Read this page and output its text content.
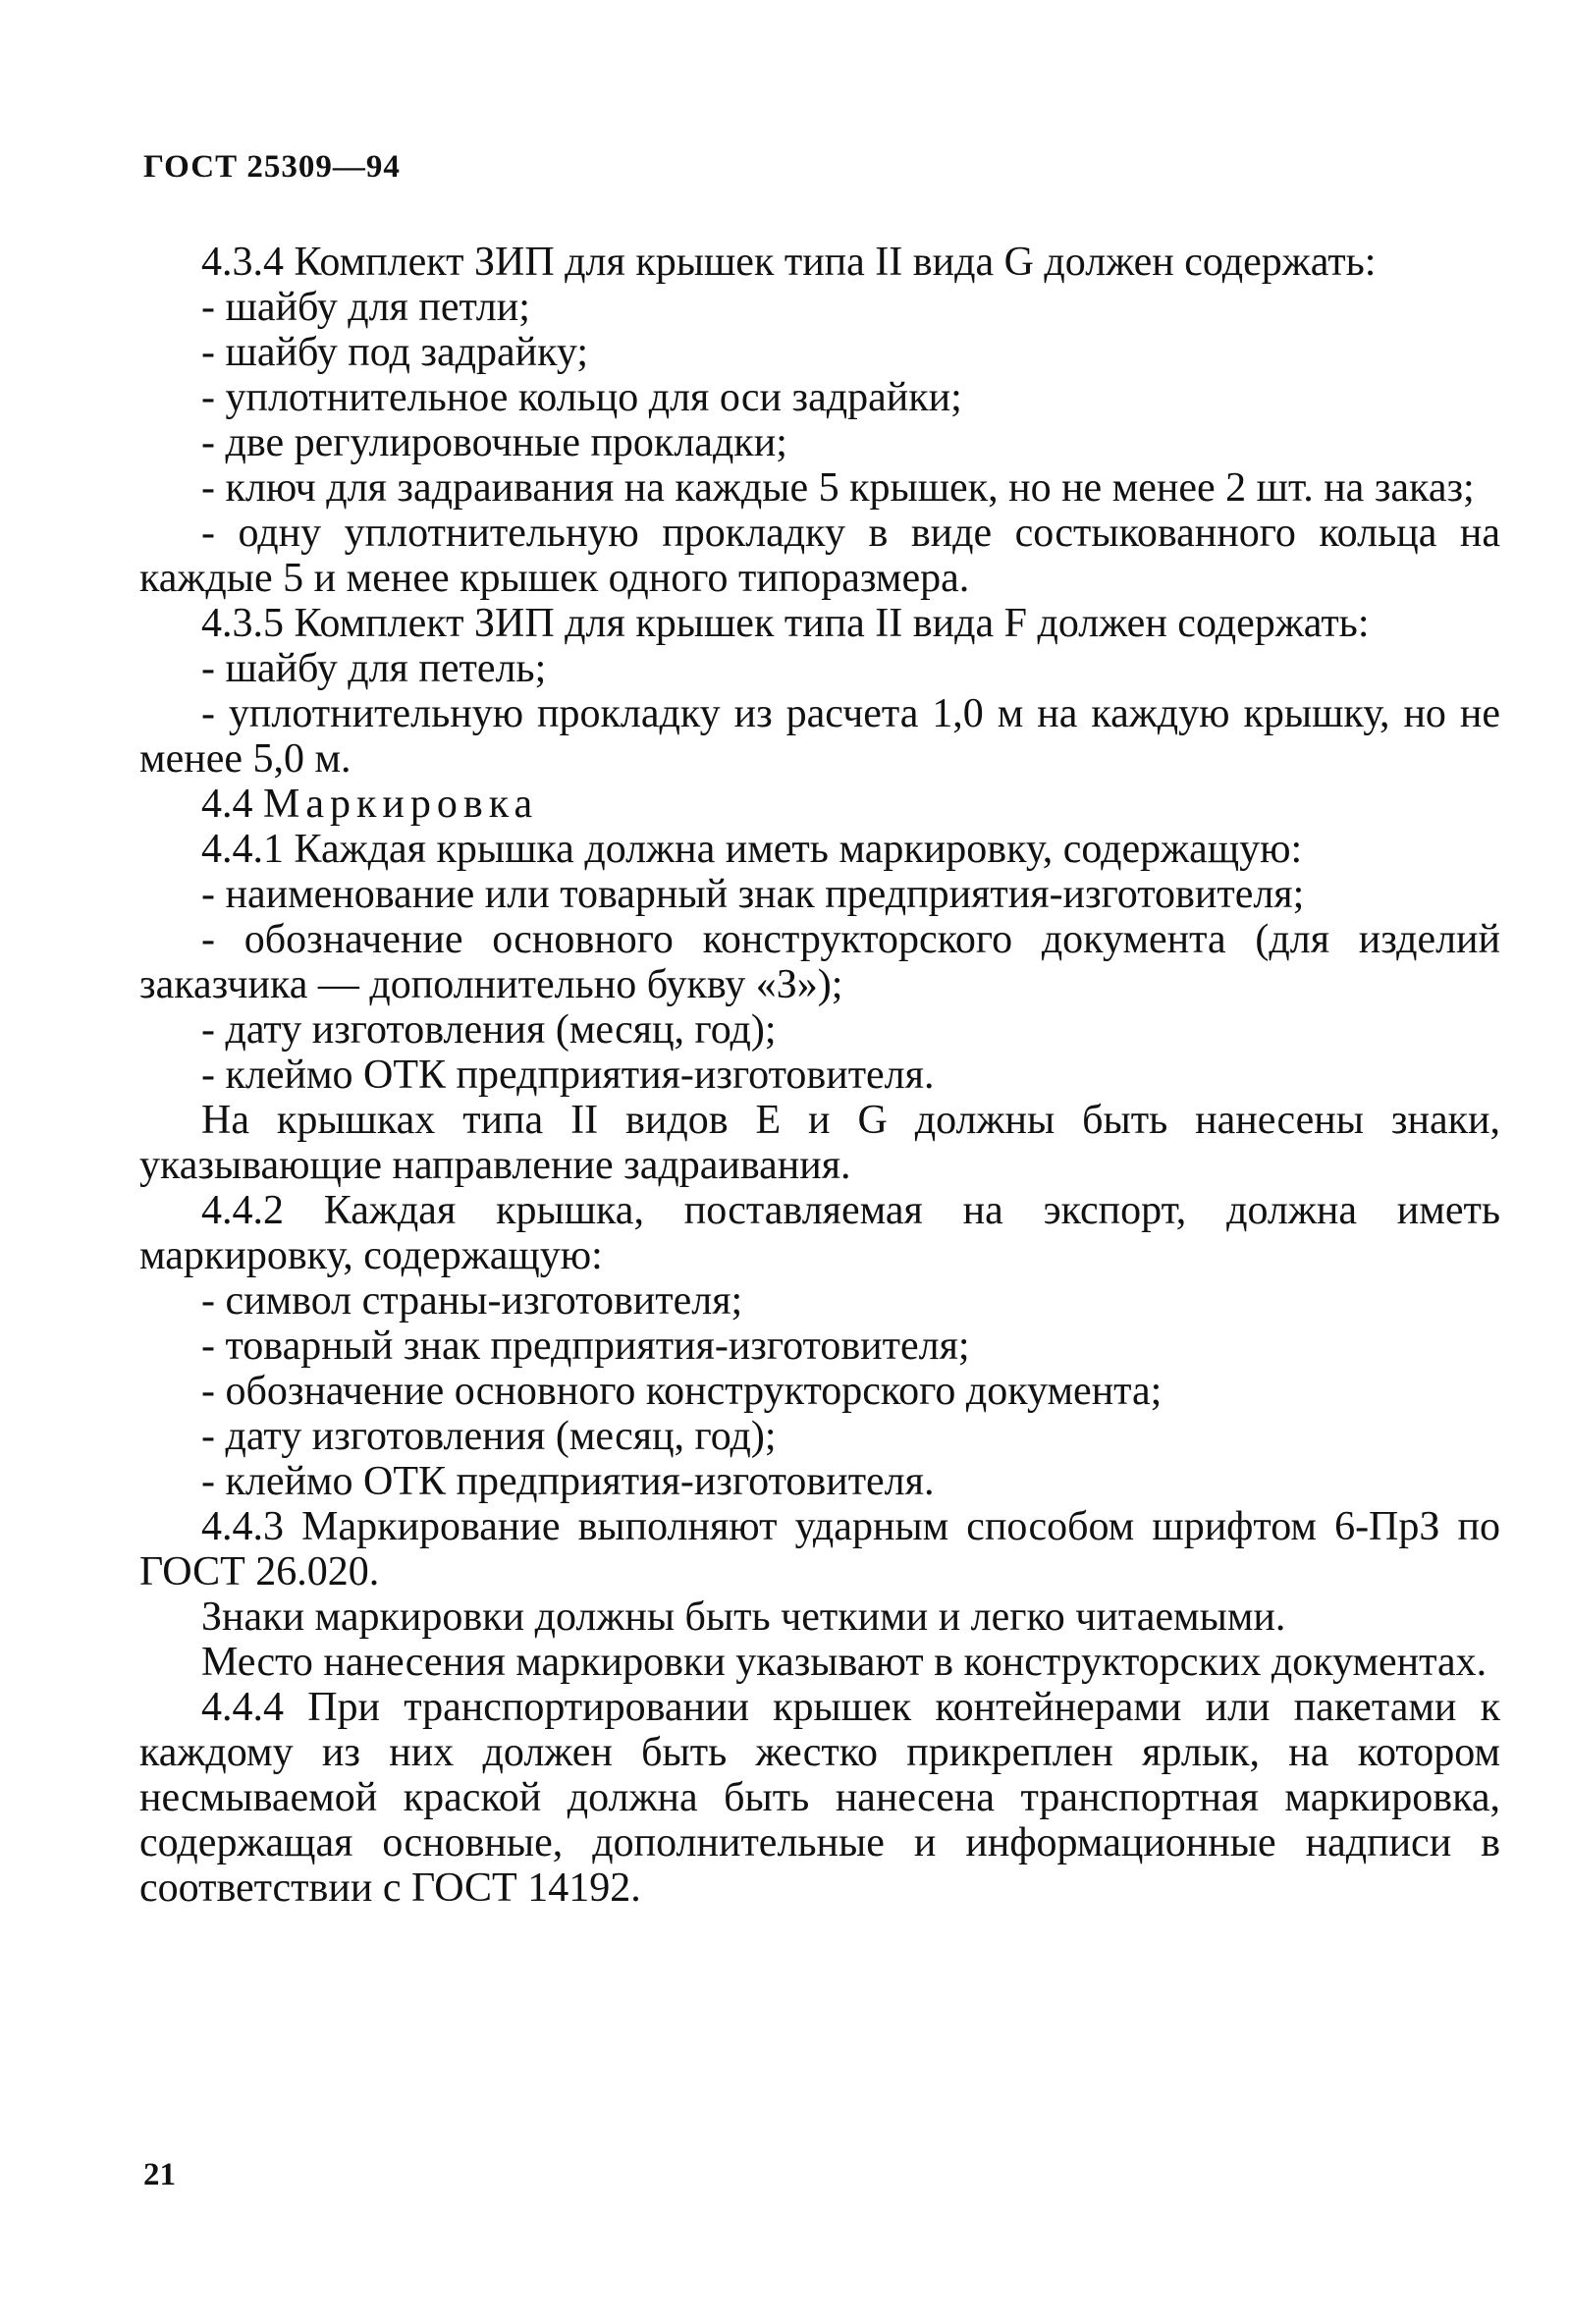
ГОСТ 25309—94

4.3.4 Комплект ЗИП для крышек типа II вида G должен содержать:

- шайбу для петли;

- шайбу под задрайку;

- уплотнительное кольцо для оси задрайки;

- две регулировочные прокладки;

- ключ для задраивания на каждые 5 крышек, но не менее 2 шт. на заказ;

- одну уплотнительную прокладку в виде состыкованного кольца на каждые 5 и менее крышек одного типоразмера.

4.3.5 Комплект ЗИП для крышек типа II вида F должен содержать:

- шайбу для петель;

- уплотнительную прокладку из расчета 1,0 м на каждую крышку, но не менее 5,0 м.

4.4 Маркировка

4.4.1 Каждая крышка должна иметь маркировку, содержащую:

- наименование или товарный знак предприятия-изготовителя;

- обозначение основного конструкторского документа (для изделий заказчика — дополнительно букву «З»);

- дату изготовления (месяц, год);

- клеймо ОТК предприятия-изготовителя.

На крышках типа II видов E и G должны быть нанесены знаки, указывающие направление задраивания.

4.4.2 Каждая крышка, поставляемая на экспорт, должна иметь маркировку, содержащую:

- символ страны-изготовителя;

- товарный знак предприятия-изготовителя;

- обозначение основного конструкторского документа;

- дату изготовления (месяц, год);

- клеймо ОТК предприятия-изготовителя.

4.4.3 Маркирование выполняют ударным способом шрифтом 6-ПрЗ по ГОСТ 26.020.

Знаки маркировки должны быть четкими и легко читаемыми.

Место нанесения маркировки указывают в конструкторских документах.

4.4.4 При транспортировании крышек контейнерами или пакетами к каждому из них должен быть жестко прикреплен ярлык, на котором несмываемой краской должна быть нанесена транспортная маркировка, содержащая основные, дополнительные и информационные надписи в соответствии с ГОСТ 14192.

21
